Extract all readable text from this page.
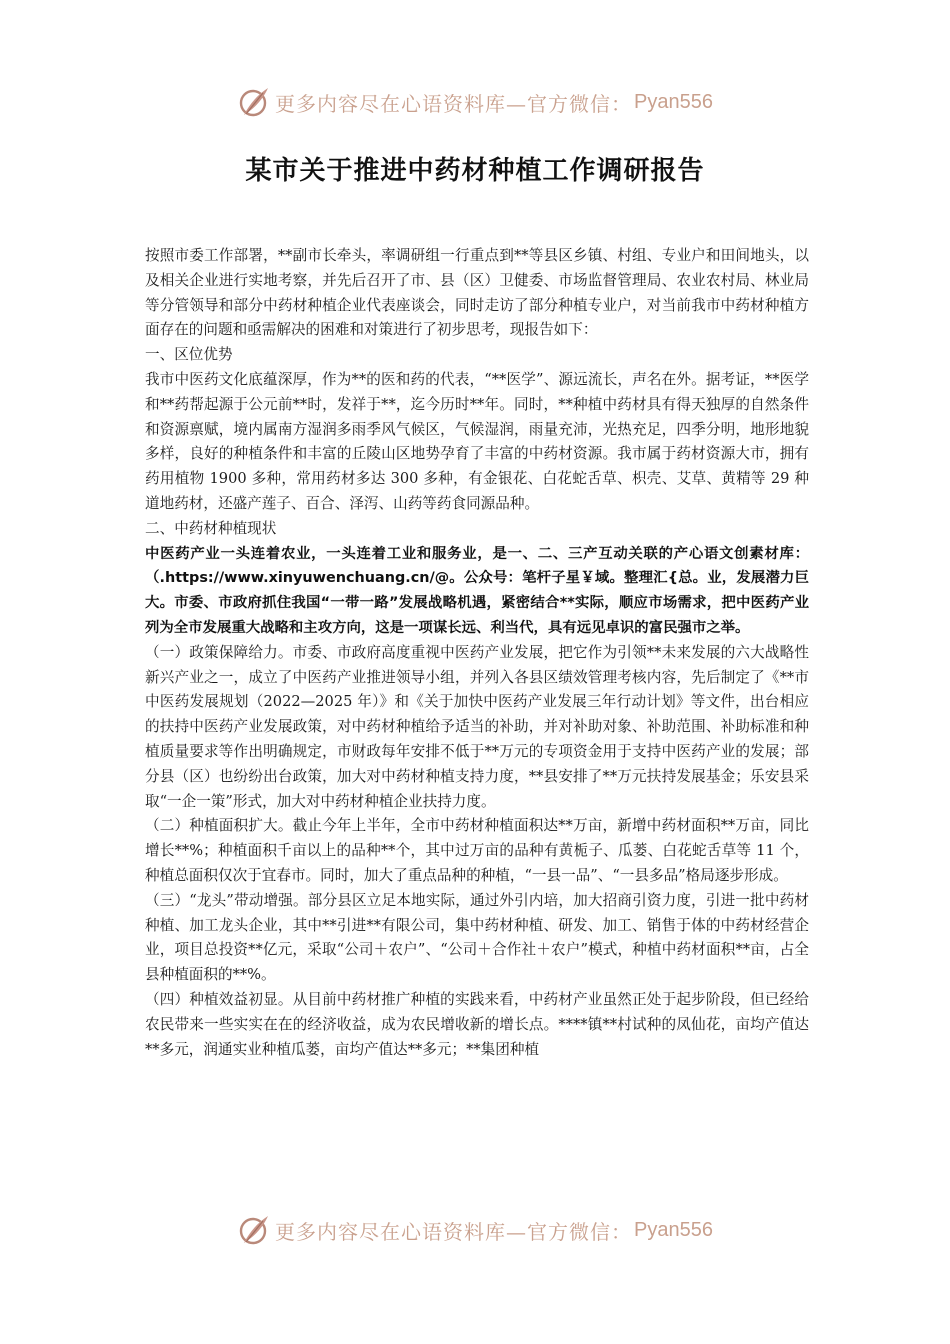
更多内容尽在心语资料库—官方微信： Pyan556
某市关于推进中药材种植工作调研报告

按照市委工作部署，**副市长牵头，率调研组一行重点到**等县区乡镇、村组、专业户和田间地头，以及相关企业进行实地考察，并先后召开了市、县（区）卫健委、市场监督管理局、农业农村局、林业局等分管领导和部分中药材种植企业代表座谈会，同时走访了部分种植专业户，对当前我市中药材种植方面存在的问题和亟需解决的困难和对策进行了初步思考，现报告如下：

一、区位优势

我市中医药文化底蕴深厚，作为**的医和药的代表，“**医学”、源远流长，声名在外。据考证，**医学和**药帮起源于公元前**时，发祥于**，迄今历时**年。同时，**种植中药材具有得天独厚的自然条件和资源禀赋，境内属南方湿润多雨季风气候区，气候湿润，雨量充沛，光热充足，四季分明，地形地貌多样，良好的种植条件和丰富的丘陵山区地势孕育了丰富的中药材资源。我市属于药材资源大市，拥有药用植物 1900 多种，常用药材多达 300 多种，有金银花、白花蛇舌草、枳壳、艾草、黄精等 29 种道地药材，还盛产莲子、百合、泽泻、山药等药食同源品种。

二、中药材种植现状

中医药产业一头连着农业，一头连着工业和服务业，是一、二、三产互动关联的产心语文创素材库：（.https://www.xinyuwenchuang.cn/@。公众号：笔杆子星￥域。整理汇{总。业，发展潜力巨大。市委、市政府抓住我国“一带一路”发展战略机遇，紧密结合**实际，顺应市场需求，把中医药产业列为全市发展重大战略和主攻方向，这是一项谋长远、利当代，具有远见卓识的富民强市之举。

（一）政策保障给力。市委、市政府高度重视中医药产业发展，把它作为引领**未来发展的六大战略性新兴产业之一，成立了中医药产业推进领导小组，并列入各县区绩效管理考核内容，先后制定了《**市中医药发展规划（2022—2025 年）》和《关于加快中医药产业发展三年行动计划》等文件，出台相应的扶持中医药产业发展政策，对中药材种植给予适当的补助，并对补助对象、补助范围、补助标准和种植质量要求等作出明确规定，市财政每年安排不低于**万元的专项资金用于支持中医药产业的发展；部分县（区）也纷纷出台政策，加大对中药材种植支持力度，**县安排了**万元扶持发展基金；乐安县采取“一企一策”形式，加大对中药材种植企业扶持力度。

（二）种植面积扩大。截止今年上半年，全市中药材种植面积达**万亩，新增中药材面积**万亩，同比增长**%；种植面积千亩以上的品种**个，其中过万亩的品种有黄栀子、瓜蒌、白花蛇舌草等 11 个，种植总面积仅次于宜春市。同时，加大了重点品种的种植，“一县一品”、“一县多品”格局逐步形成。

（三）“龙头”带动增强。部分县区立足本地实际，通过外引内培，加大招商引资力度，引进一批中药材种植、加工龙头企业，其中**引进**有限公司，集中药材种植、研发、加工、销售于体的中药材经营企业，项目总投资**亿元，采取“公司＋农户”、“公司＋合作社＋农户”模式，种植中药材面积**亩，占全县种植面积的**%。

（四）种植效益初显。从目前中药材推广种植的实践来看，中药材产业虽然正处于起步阶段，但已经给农民带来一些实实在在的经济收益，成为农民增收新的增长点。****镇**村试种的凤仙花，亩均产值达**多元，润通实业种植瓜蒌，亩均产值达**多元；**集团种植

更多内容尽在心语资料库—官方微信： Pyan556
